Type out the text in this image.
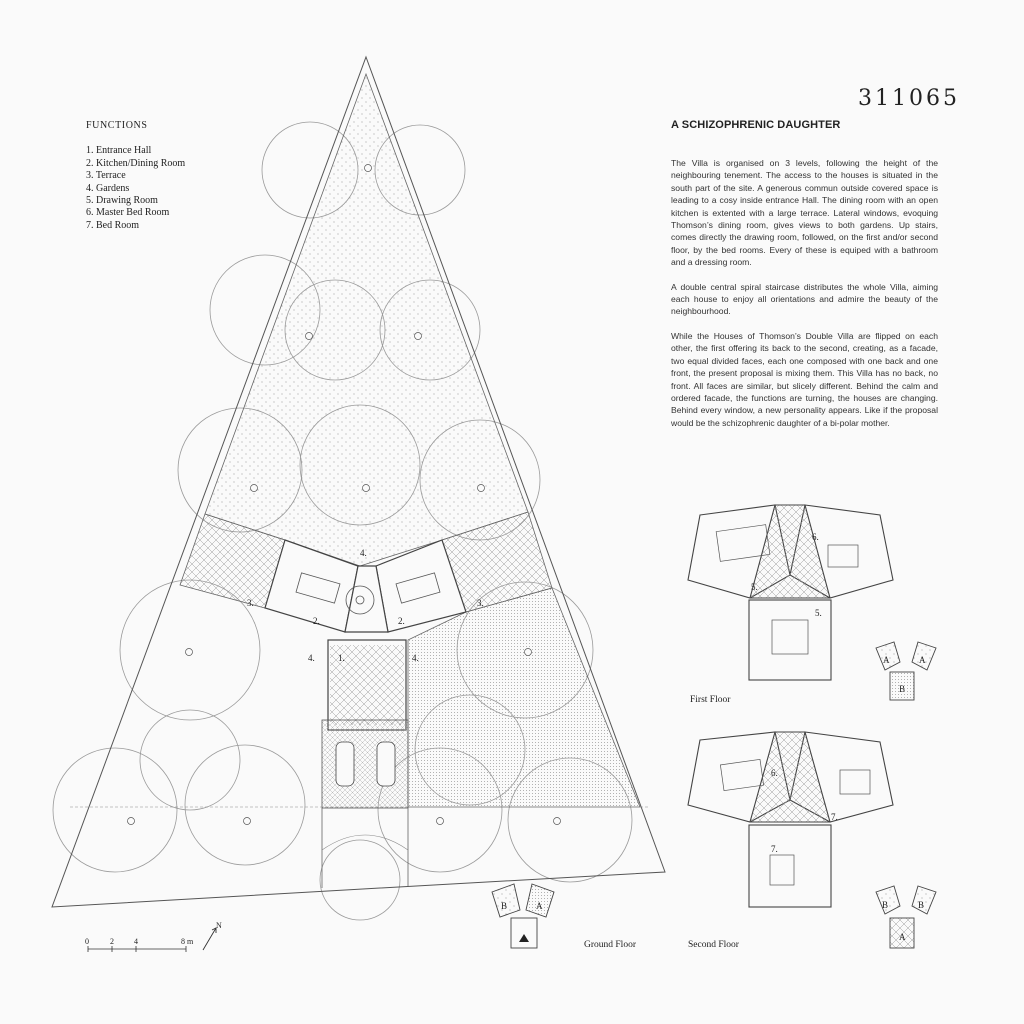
4.
3.	3.
2.	2.
1.
4.	4.
5.
5.
6.
6.
7.
7.
A	A
B
B	A	B	B
A
0	2	4	8 m
N
311065
A SCHIZOPHRENIC DAUGHTER

The Villa is organised on 3 levels, following the height of the neighbouring tenement. The access to the houses is situated in the south part of the site. A generous commun outside covered space is leading to a cosy inside entrance Hall. The dining room with an open kitchen is extented with a large terrace. Lateral windows, evoquing Thomson’s dining room, gives views to both gardens. Up stairs, comes directly the drawing room, followed, on the first and/or second floor, by the bed rooms. Every of these is equiped with a bathroom and a dressing room.

A double central spiral staircase distributes the whole Villa, aiming each house to enjoy all orientations and admire the beauty of the neighbourhood.

While the Houses of Thomson’s Double Villa are flipped on each other, the first offering its back to the second, creating, as a facade, two equal divided faces, each one composed with one back and one front, the present proposal is mixing them. This Villa has no back, no front. All faces are similar, but slicely different. Behind the calm and ordered facade, the functions are turning, the houses are changing. Behind every window, a new personality appears. Like if the proposal would be the schizophrenic daughter of a bi-polar mother.

FUNCTIONS
1. Entrance Hall
2. Kitchen/Dining Room
3. Terrace
4. Gardens
5. Drawing Room
6. Master Bed Room
7. Bed Room
First Floor
Ground Floor	Second Floor
